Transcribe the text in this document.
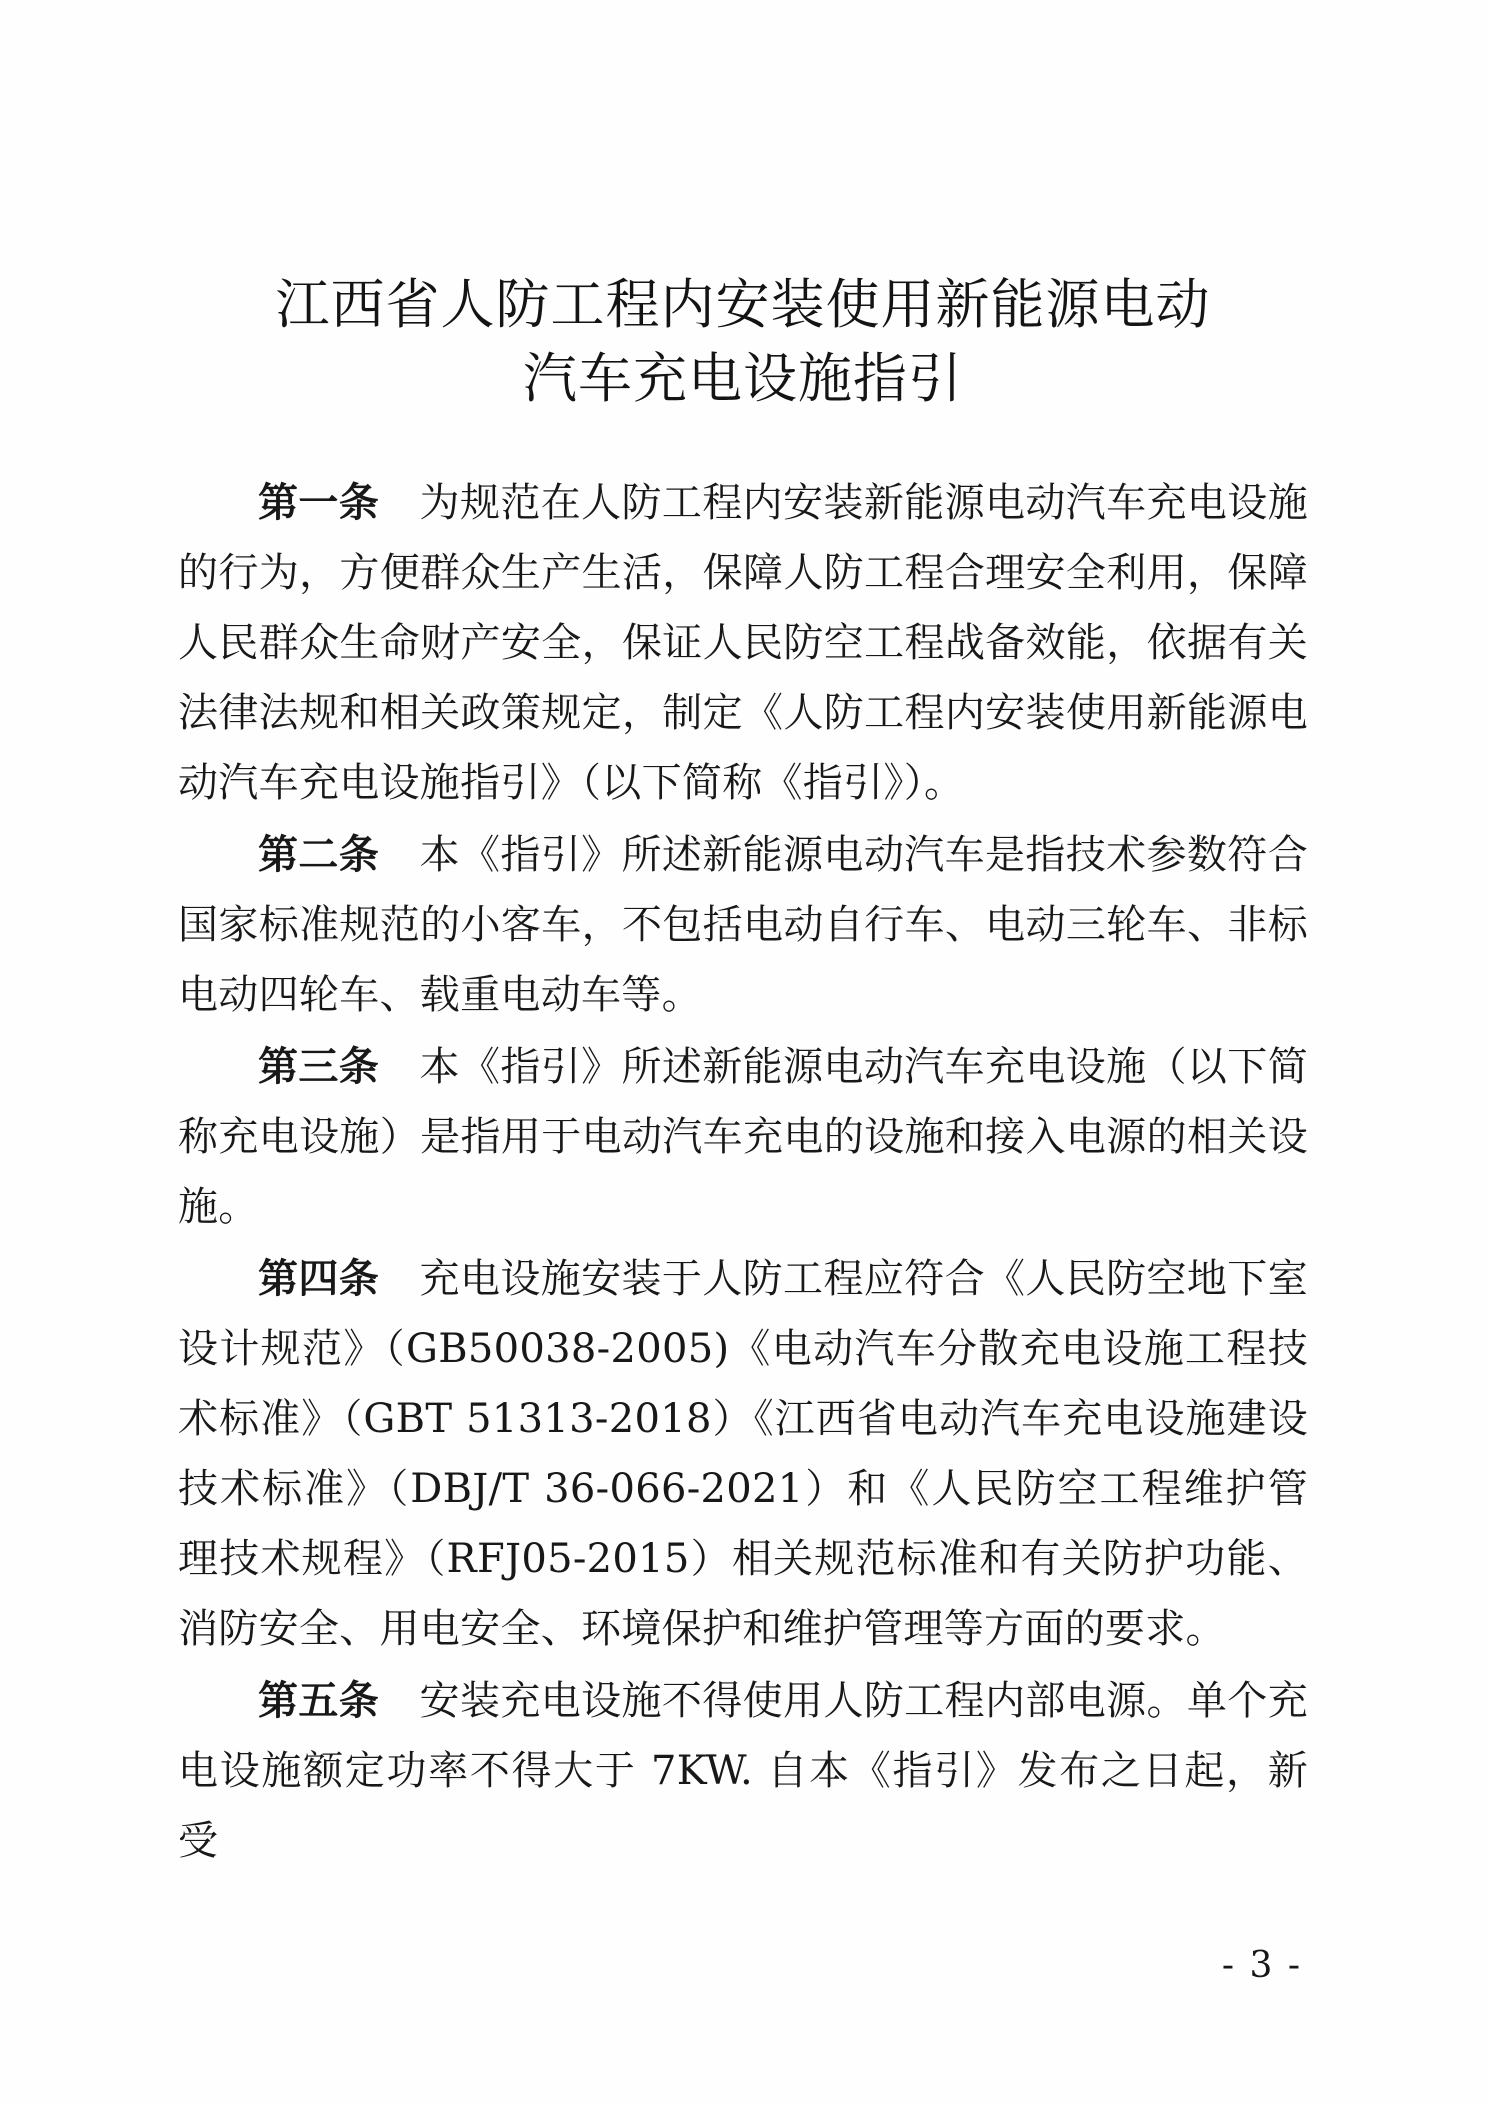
江西省人防工程内安装使用新能源电动
汽车充电设施指引

第一条　为规范在人防工程内安装新能源电动汽车充电设施的行为，方便群众生产生活，保障人防工程合理安全利用，保障人民群众生命财产安全，保证人民防空工程战备效能，依据有关法律法规和相关政策规定，制定《人防工程内安装使用新能源电动汽车充电设施指引》（以下简称《指引》）。

第二条　本《指引》所述新能源电动汽车是指技术参数符合国家标准规范的小客车，不包括电动自行车、电动三轮车、非标电动四轮车、载重电动车等。

第三条　本《指引》所述新能源电动汽车充电设施（以下简称充电设施）是指用于电动汽车充电的设施和接入电源的相关设施。

第四条　充电设施安装于人防工程应符合《人民防空地下室设计规范》（GB50038-2005)《电动汽车分散充电设施工程技术标准》（GBT 51313-2018）《江西省电动汽车充电设施建设技术标准》（DBJ/T 36-066-2021）和《人民防空工程维护管理技术规程》（RFJ05-2015）相关规范标准和有关防护功能、消防安全、用电安全、环境保护和维护管理等方面的要求。

第五条　安装充电设施不得使用人防工程内部电源。单个充电设施额定功率不得大于 7KW. 自本《指引》发布之日起，新受

- 3 -
